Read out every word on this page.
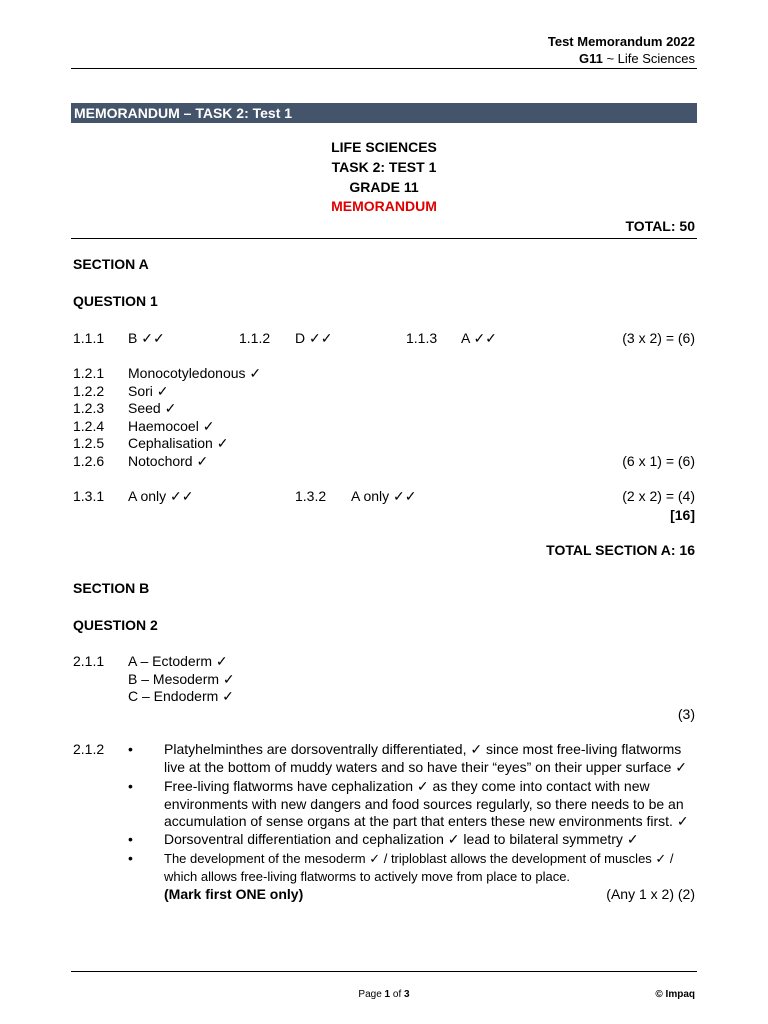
Test Memorandum 2022
G11 ~ Life Sciences
MEMORANDUM – TASK 2: Test 1
LIFE SCIENCES
TASK 2: TEST 1
GRADE 11
MEMORANDUM
TOTAL: 50
SECTION A
QUESTION 1
1.1.1 B ✓✓	1.1.2 D ✓✓	1.1.3 A ✓✓	(3 x 2) = (6)
1.2.1 Monocotyledonous ✓
1.2.2 Sori ✓
1.2.3 Seed ✓
1.2.4 Haemocoel ✓
1.2.5 Cephalisation ✓
1.2.6 Notochord ✓	(6 x 1) = (6)
1.3.1 A only ✓✓	1.3.2 A only ✓✓	(2 x 2) = (4)
[16]
TOTAL SECTION A: 16
SECTION B
QUESTION 2
2.1.1 A – Ectoderm ✓
B – Mesoderm ✓
C – Endoderm ✓
(3)
2.1.2 • Platyhelminthes are dorsoventrally differentiated, ✓ since most free-living flatworms
live at the bottom of muddy waters and so have their “eyes” on their upper surface ✓
• Free-living flatworms have cephalization ✓ as they come into contact with new
environments with new dangers and food sources regularly, so there needs to be an
accumulation of sense organs at the part that enters these new environments first. ✓
• Dorsoventral differentiation and cephalization ✓ lead to bilateral symmetry ✓
• The development of the mesoderm ✓ / triploblast allows the development of muscles ✓ /
which allows free-living flatworms to actively move from place to place.
(Mark first ONE only)	(Any 1 x 2) (2)
Page 1 of 3	© Impaq
